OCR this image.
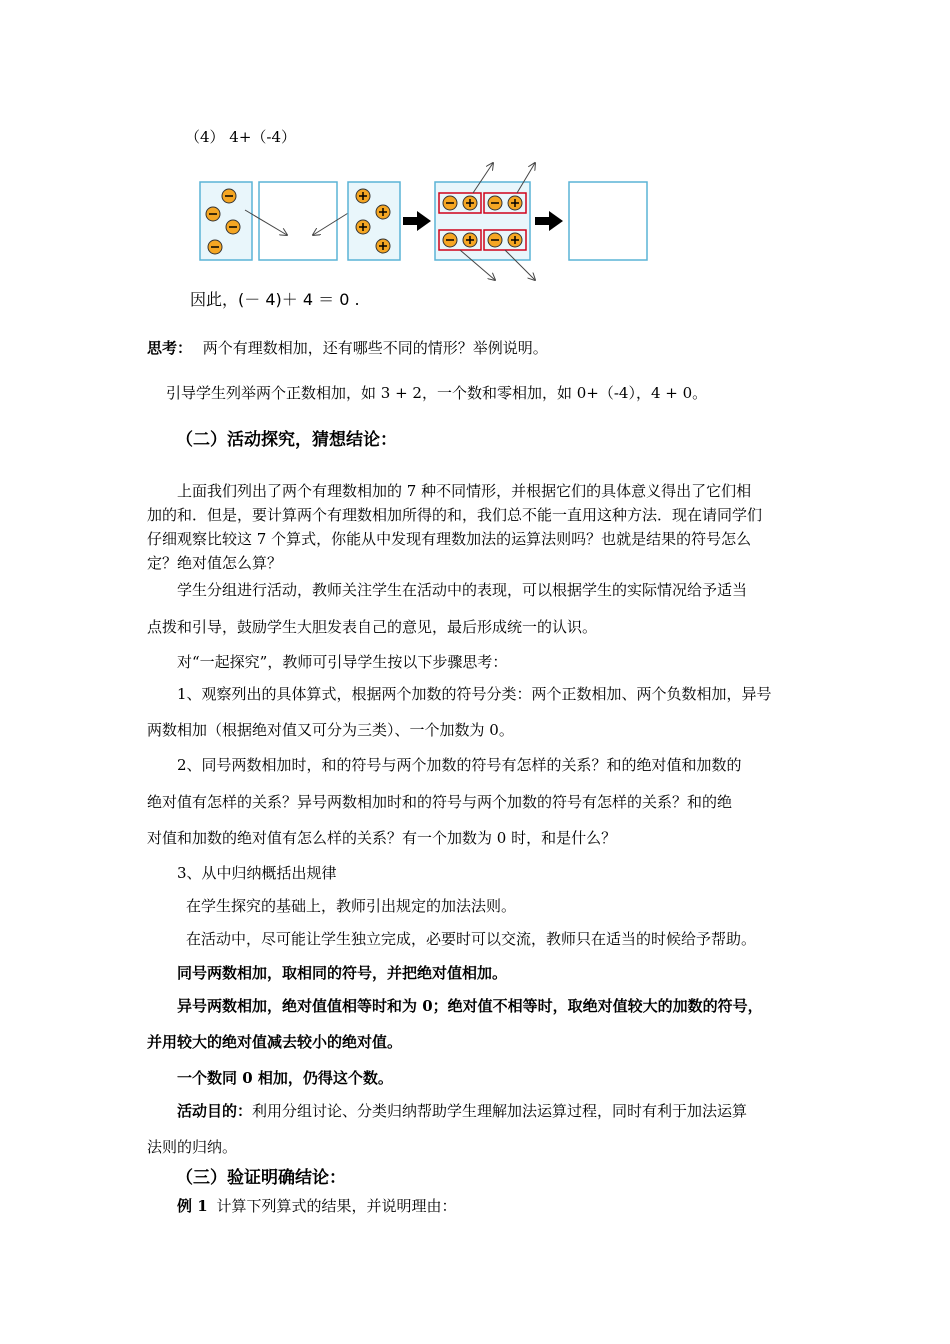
（4） 4+（-4）
因此，(－ 4)＋ 4 ＝ 0 .
思考： 两个有理数相加，还有哪些不同的情形？举例说明。
引导学生列举两个正数相加，如 3 + 2，一个数和零相加，如 0+（-4），4 + 0。
（二）活动探究，猜想结论：
上面我们列出了两个有理数相加的 7 种不同情形，并根据它们的具体意义得出了它们相
加的和．但是，要计算两个有理数相加所得的和，我们总不能一直用这种方法．现在请同学们
仔细观察比较这 7 个算式，你能从中发现有理数加法的运算法则吗？也就是结果的符号怎么
定？绝对值怎么算？
学生分组进行活动，教师关注学生在活动中的表现，可以根据学生的实际情况给予适当
点拨和引导，鼓励学生大胆发表自己的意见，最后形成统一的认识。
对“一起探究”，教师可引导学生按以下步骤思考：
1、观察列出的具体算式，根据两个加数的符号分类：两个正数相加、两个负数相加，异号
两数相加（根据绝对值又可分为三类）、一个加数为 0。
2、同号两数相加时，和的符号与两个加数的符号有怎样的关系？和的绝对值和加数的
绝对值有怎样的关系？异号两数相加时和的符号与两个加数的符号有怎样的关系？和的绝
对值和加数的绝对值有怎么样的关系？有一个加数为 0 时，和是什么？
3、从中归纳概括出规律
在学生探究的基础上，教师引出规定的加法法则。
在活动中，尽可能让学生独立完成，必要时可以交流，教师只在适当的时候给予帮助。
同号两数相加，取相同的符号，并把绝对值相加。
异号两数相加，绝对值值相等时和为 0；绝对值不相等时，取绝对值较大的加数的符号，
并用较大的绝对值减去较小的绝对值。
一个数同 0 相加，仍得这个数。
活动目的：利用分组讨论、分类归纳帮助学生理解加法运算过程，同时有利于加法运算
法则的归纳。
（三）验证明确结论：
例 1 计算下列算式的结果，并说明理由：
